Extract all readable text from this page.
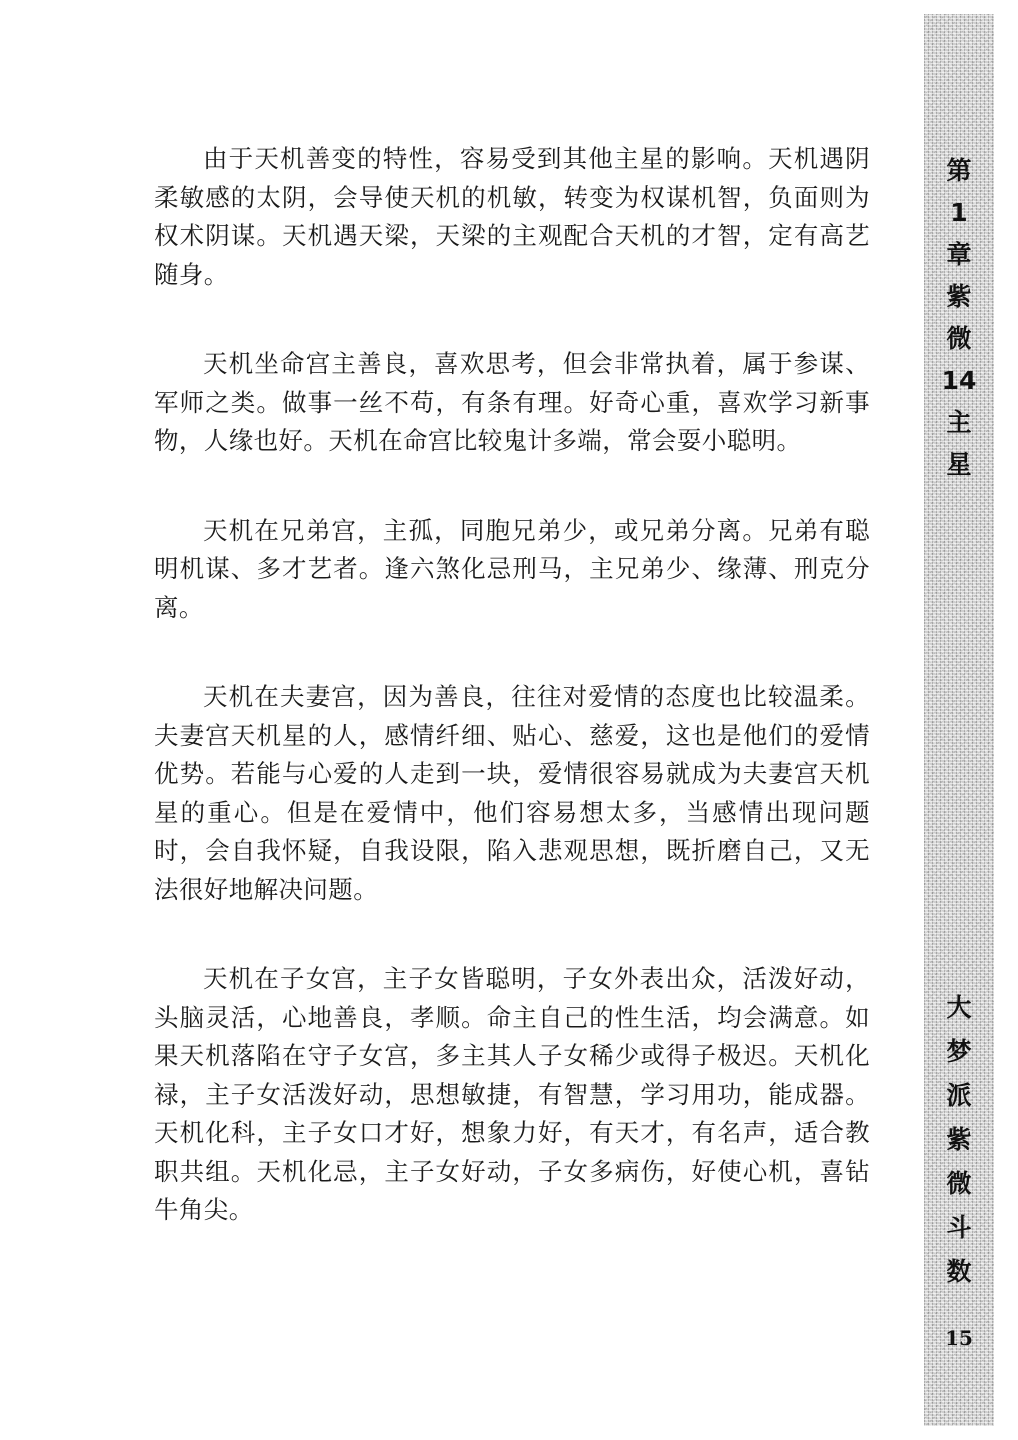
由于天机善变的特性，容易受到其他主星的影响。天机遇阴柔敏感的太阴，会导使天机的机敏，转变为权谋机智，负面则为权术阴谋。天机遇天梁，天梁的主观配合天机的才智，定有高艺随身。

天机坐命宫主善良，喜欢思考，但会非常执着，属于参谋、军师之类。做事一丝不苟，有条有理。好奇心重，喜欢学习新事物，人缘也好。天机在命宫比较鬼计多端，常会耍小聪明。

天机在兄弟宫，主孤，同胞兄弟少，或兄弟分离。兄弟有聪明机谋、多才艺者。逢六煞化忌刑马，主兄弟少、缘薄、刑克分离。

天机在夫妻宫，因为善良，往往对爱情的态度也比较温柔。夫妻宫天机星的人，感情纤细、贴心、慈爱，这也是他们的爱情优势。若能与心爱的人走到一块，爱情很容易就成为夫妻宫天机星的重心。但是在爱情中，他们容易想太多，当感情出现问题时，会自我怀疑，自我设限，陷入悲观思想，既折磨自己，又无法很好地解决问题。

天机在子女宫，主子女皆聪明，子女外表出众，活泼好动，头脑灵活，心地善良，孝顺。命主自己的性生活，均会满意。如果天机落陷在守子女宫，多主其人子女稀少或得子极迟。天机化禄，主子女活泼好动，思想敏捷，有智慧，学习用功，能成器。天机化科，主子女口才好，想象力好，有天才，有名声，适合教职共组。天机化忌，主子女好动，子女多病伤，好使心机，喜钻牛角尖。

第
1
章
紫
微
14
主
星
大
梦
派
紫
微
斗
数
15
